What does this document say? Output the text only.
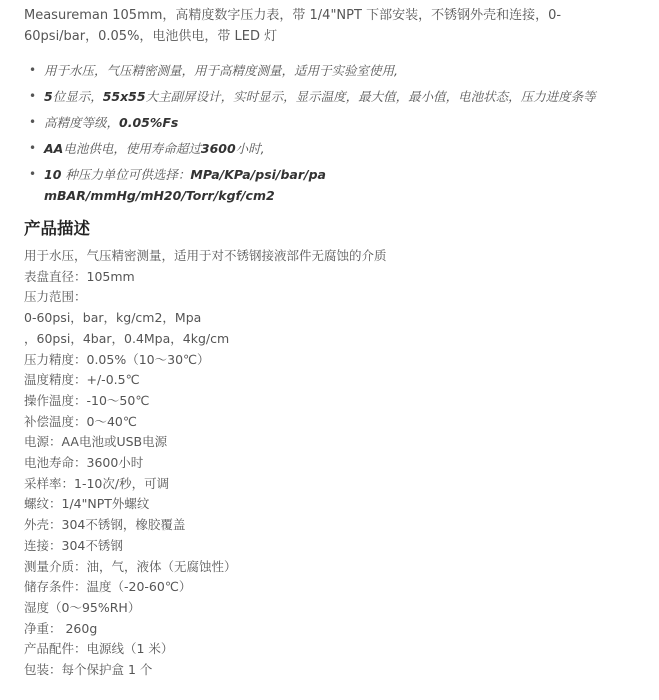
Measureman 105mm，高精度数字压力表，带 1/4"NPT 下部安装，不锈钢外壳和连接，0-
60psi/bar，0.05%，电池供电，带 LED 灯
• 用于水压，气压精密测量，用于高精度测量，适用于实验室使用,
• 5位显示，55x55大主副屏设计，实时显示，显示温度，最大值，最小值，电池状态，压力进度条等
• 高精度等级，0.05%Fs
• AA电池供电，使用寿命超过3600小时,
• 10 种压力单位可供选择：MPa/KPa/psi/bar/pa
mBAR/mmHg/mH20/Torr/kgf/cm2
产品描述
用于水压，气压精密测量，适用于对不锈钢接液部件无腐蚀的介质
表盘直径：105mm
压力范围：
0-60psi，bar，kg/cm2，Mpa
，60psi，4bar，0.4Mpa，4kg/cm
压力精度：0.05%（10〜30℃）
温度精度：+/-0.5℃
操作温度：-10〜50℃
补偿温度：0〜40℃
电源：AA电池或USB电源
电池寿命：3600小时
采样率：1-10次/秒，可调
螺纹：1/4"NPT外螺纹
外壳：304不锈钢，橡胶覆盖
连接：304不锈钢
测量介质：油，气，液体（无腐蚀性）
储存条件：温度（-20-60℃）
湿度（0〜95%RH）
净重： 260g
产品配件：电源线（1 米）
包装：每个保护盒 1 个
